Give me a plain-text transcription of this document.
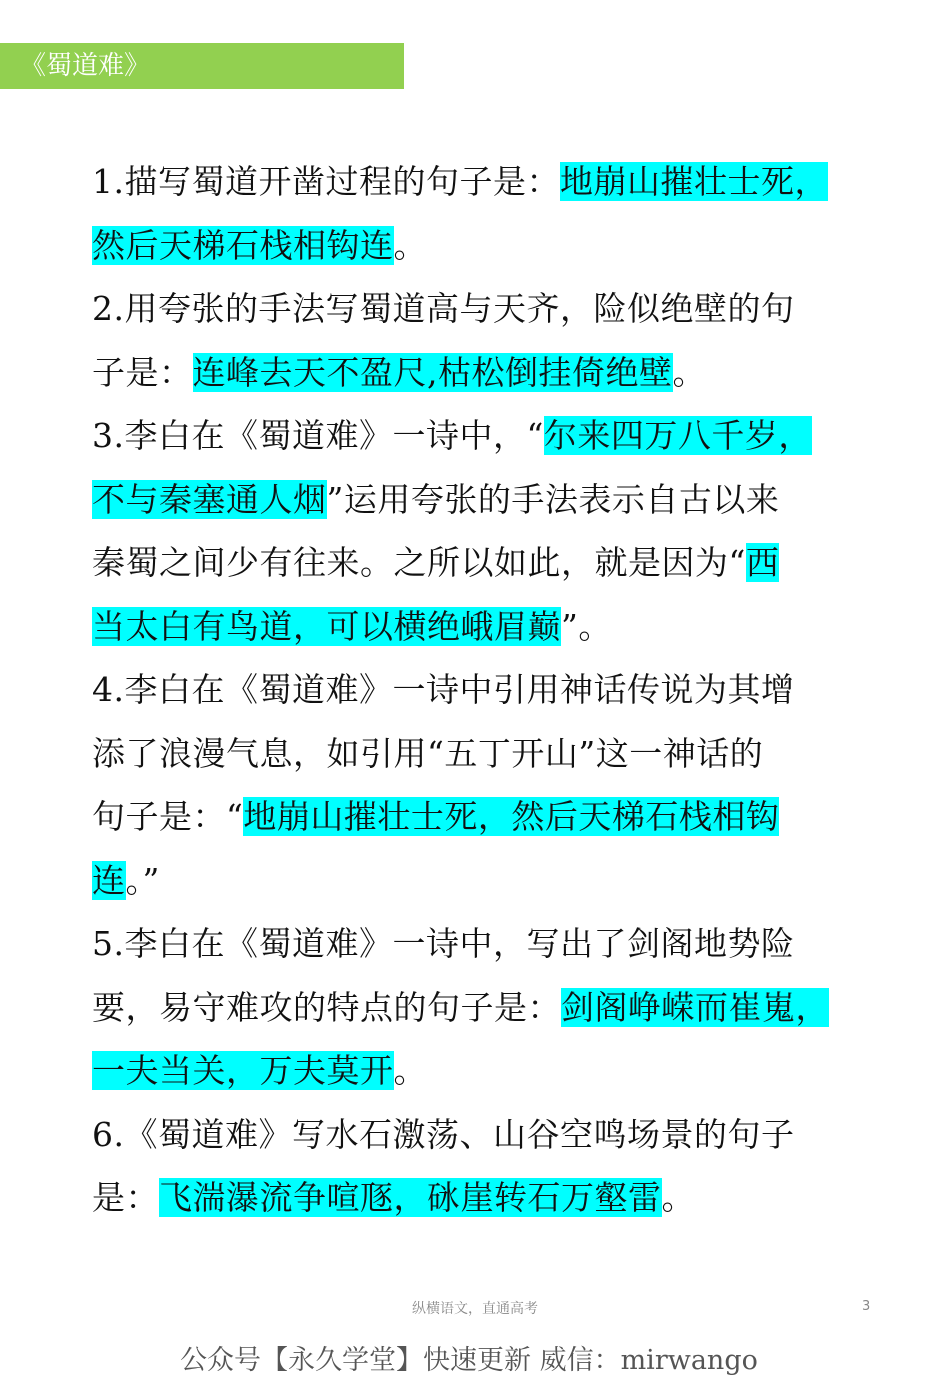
《蜀道难》
1.描写蜀道开凿过程的句子是：地崩山摧壮士死，
然后天梯石栈相钩连。
2.用夸张的手法写蜀道高与天齐，险似绝壁的句
子是：连峰去天不盈尺,枯松倒挂倚绝壁。
3.李白在《蜀道难》一诗中，“尔来四万八千岁，
不与秦塞通人烟”运用夸张的手法表示自古以来
秦蜀之间少有往来。之所以如此，就是因为“西
当太白有鸟道，可以横绝峨眉巅”。
4.李白在《蜀道难》一诗中引用神话传说为其增
添了浪漫气息，如引用“五丁开山”这一神话的
句子是：“地崩山摧壮士死，然后天梯石栈相钩
连。”
5.李白在《蜀道难》一诗中，写出了剑阁地势险
要，易守难攻的特点的句子是：剑阁峥嵘而崔嵬，
一夫当关，万夫莫开。
6.《蜀道难》写水石激荡、山谷空鸣场景的句子
是：飞湍瀑流争喧豗，砯崖转石万壑雷。
纵横语文，直通高考	3
公众号【永久学堂】快速更新 威信：mirwango
